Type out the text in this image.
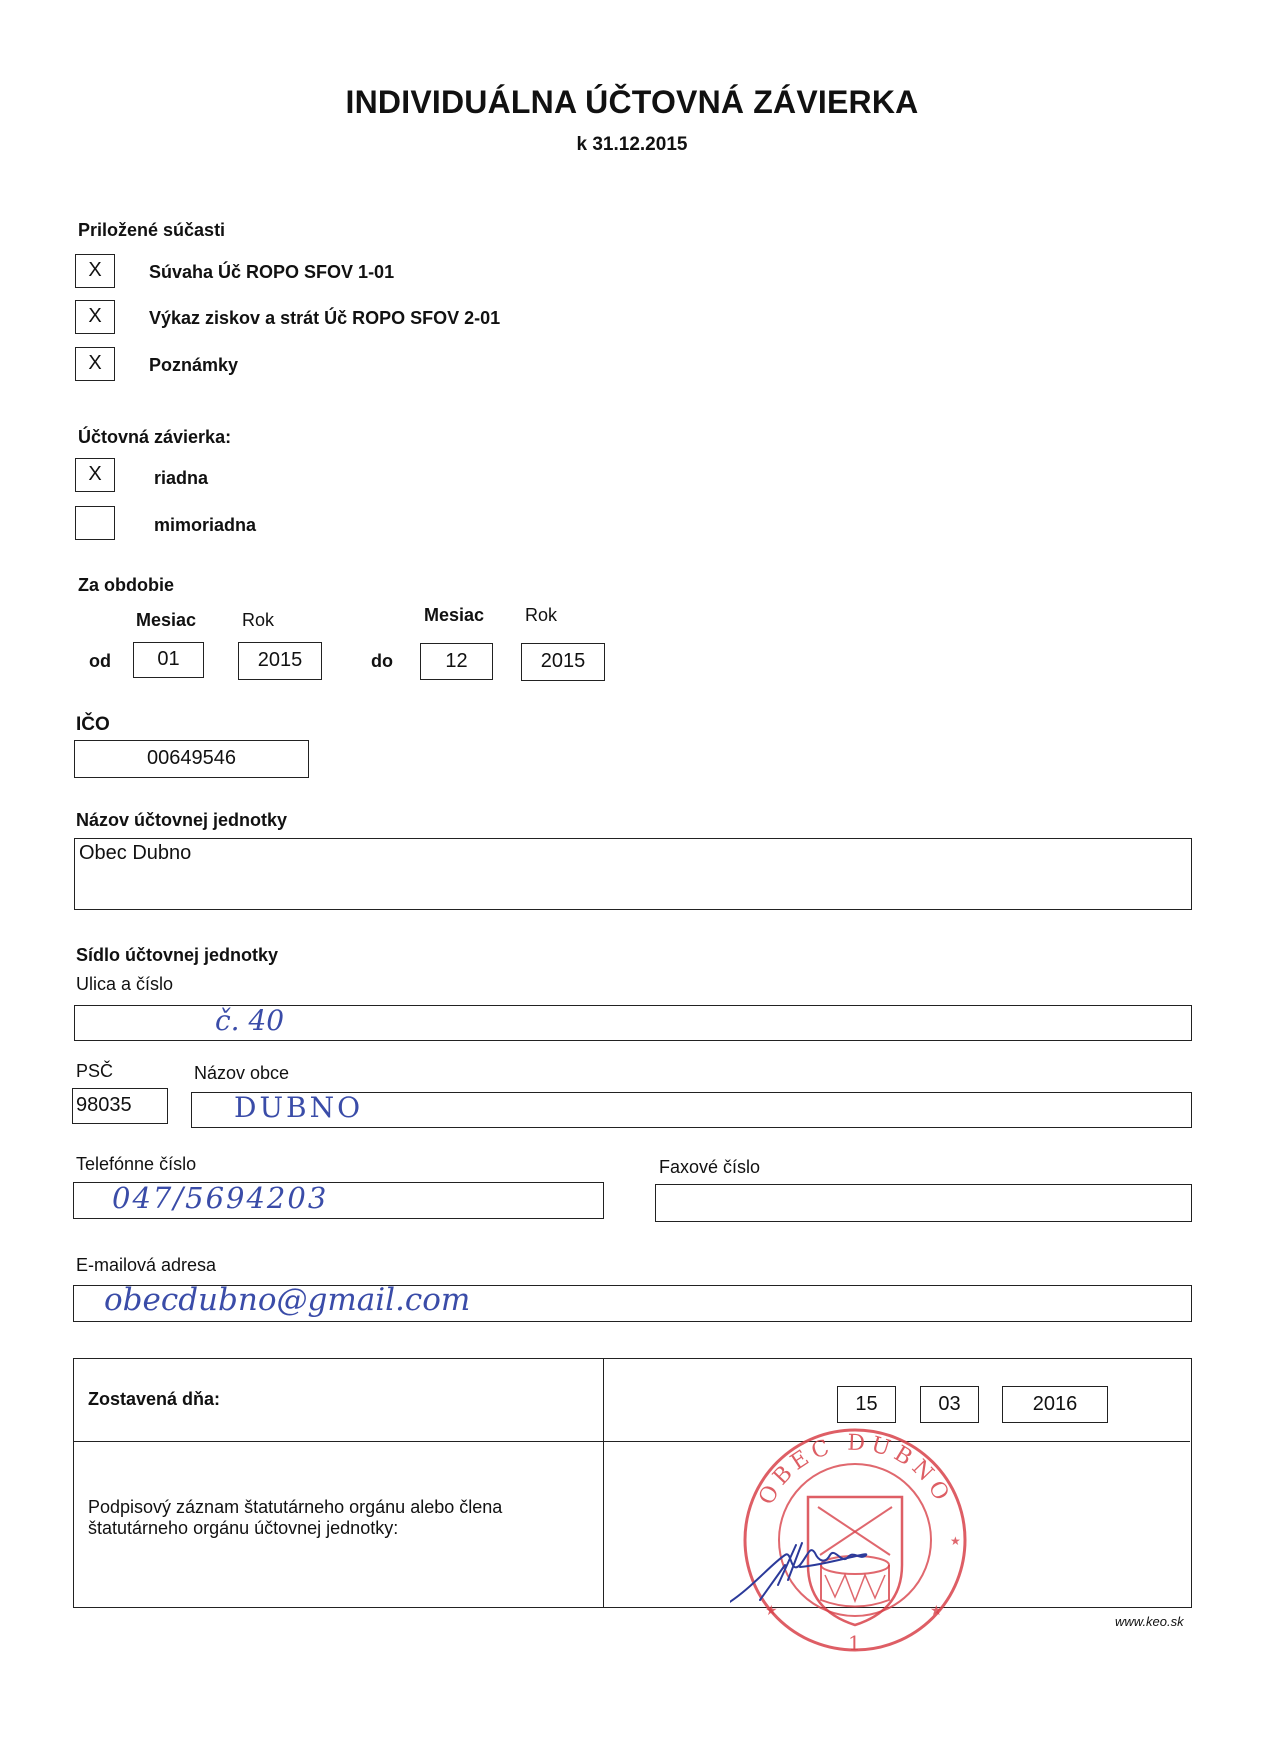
INDIVIDUÁLNA ÚČTOVNÁ ZÁVIERKA
k 31.12.2015
Priložené súčasti
X	Súvaha Úč ROPO SFOV 1-01
X	Výkaz ziskov a strát Úč ROPO SFOV 2-01
X	Poznámky
Účtovná závierka:
X	riadna
mimoriadna
Za obdobie
Mesiac	Rok	Mesiac Rok
od	01	2015	do	12	2015
IČO
00649546
Názov účtovnej jednotky
Obec Dubno
Sídlo účtovnej jednotky
Ulica a číslo
č. 40
PSČ	Názov obce
98035	DUBNO
Telefónne číslo	Faxové číslo
047/5694203
E-mailová adresa
obecdubno@gmail.com
Zostavená dňa:	15	03	2016
Podpisový záznam štatutárneho orgánu alebo člena štatutárneho orgánu účtovnej jednotky:
OBEC DUBNO
★	★
★
1
www.keo.sk
